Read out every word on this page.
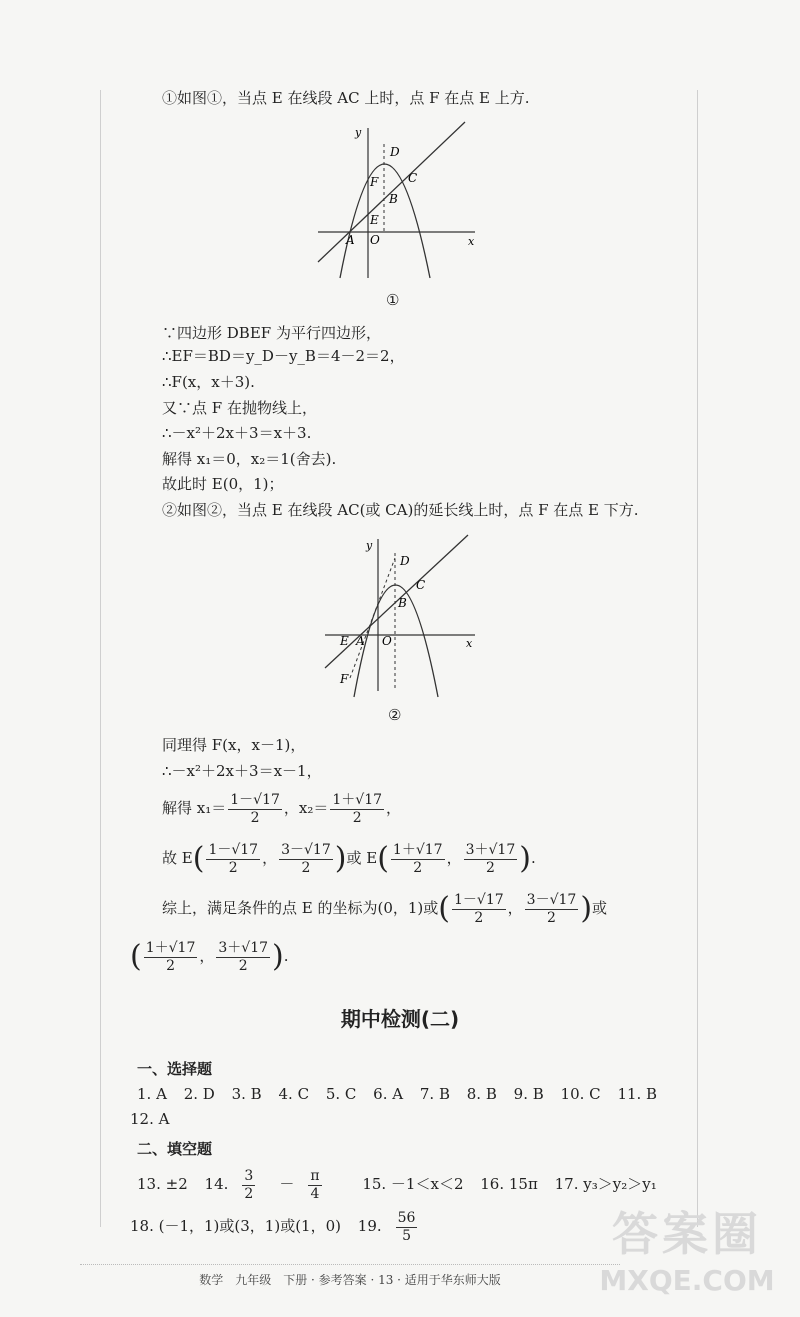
①如图①，当点 E 在线段 AC 上时，点 F 在点 E 上方.
x
y
D
C
F
B
E
A O
①
∵四边形 DBEF 为平行四边形，
∴EF＝BD＝y_D－y_B＝4－2＝2，
∴F(x，x＋3).
又∵点 F 在抛物线上，
∴－x²＋2x＋3＝x＋3.
解得 x₁＝0，x₂＝1(舍去).
故此时 E(0，1)；
②如图②，当点 E 在线段 AC(或 CA)的延长线上时，点 F 在点 E 下方.
x
y
D
C
B
E A O
F
②
同理得 F(x，x－1)，
∴－x²＋2x＋3＝x－1，
解得 $x_1= \frac{1-√17}{2}$ ，$x_2= \frac{1+√17}{2}$ ，
故 $E( \frac{1-√17}{2}$ ， $\frac{3-√17}{2}$ )或 $E( \frac{1+√17}{2}$ ， $\frac{3+√17}{2}$ ).
综上，满足条件的点 E 的坐标为(0，1)或( $\frac{1-√17}{2}$ ， $\frac{3-√17}{2}$ )或
( $\frac{1+√17}{2}$ ， $\frac{3+√17}{2}$ ).
期中检测(二)
一、选择题
1. A 2. D 3. B 4. C 5. C 6. A 7. B 8. B 9. B 10. C 11. B
12. A
二、填空题
13. ±2 14. $\frac{3}{2} - \frac{\pi}{4} 15$. －1＜x＜2 16. 15π 17. y₃＞y₂＞y₁
18. (－1，1)或(3，1)或(1，0) 19. $\frac{56}{5}$
数学　九年级　下册 · 参考答案 · 13 · 适用于华东师大版
答案圈
MXQE.COM
